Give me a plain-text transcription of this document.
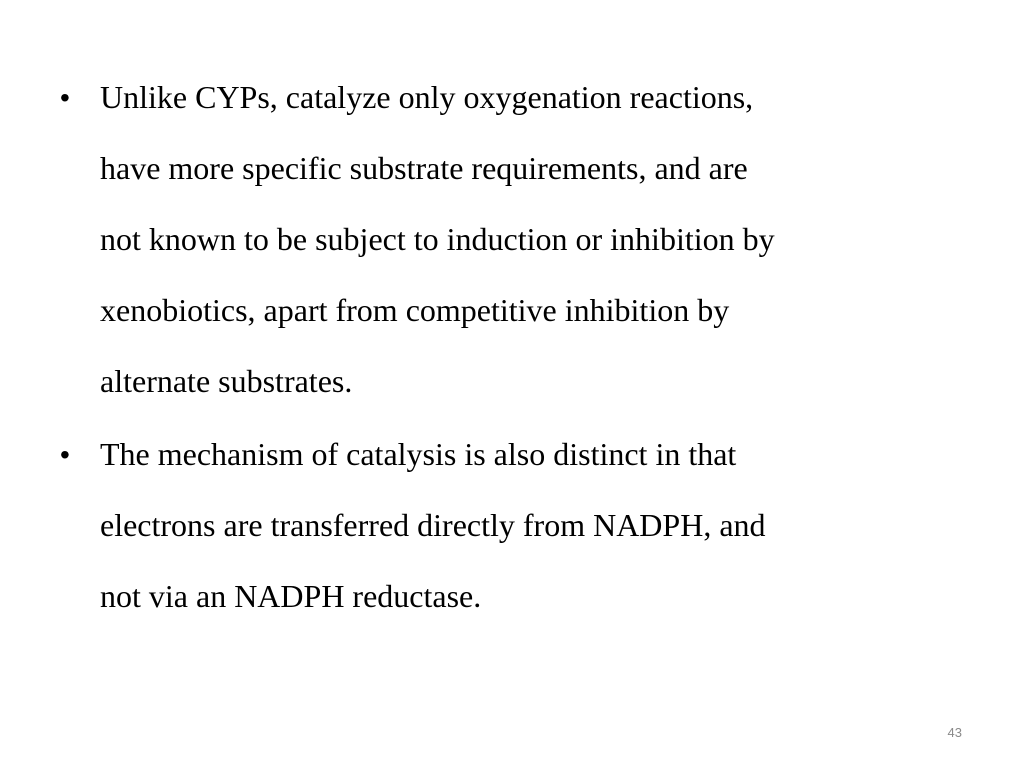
• Unlike CYPs, catalyze only oxygenation reactions,
have more specific substrate requirements, and are
not known to be subject to induction or inhibition by
xenobiotics, apart from competitive inhibition by
alternate substrates.
• The mechanism of catalysis is also distinct in that
electrons are transferred directly from NADPH, and
not via an NADPH reductase.
43
